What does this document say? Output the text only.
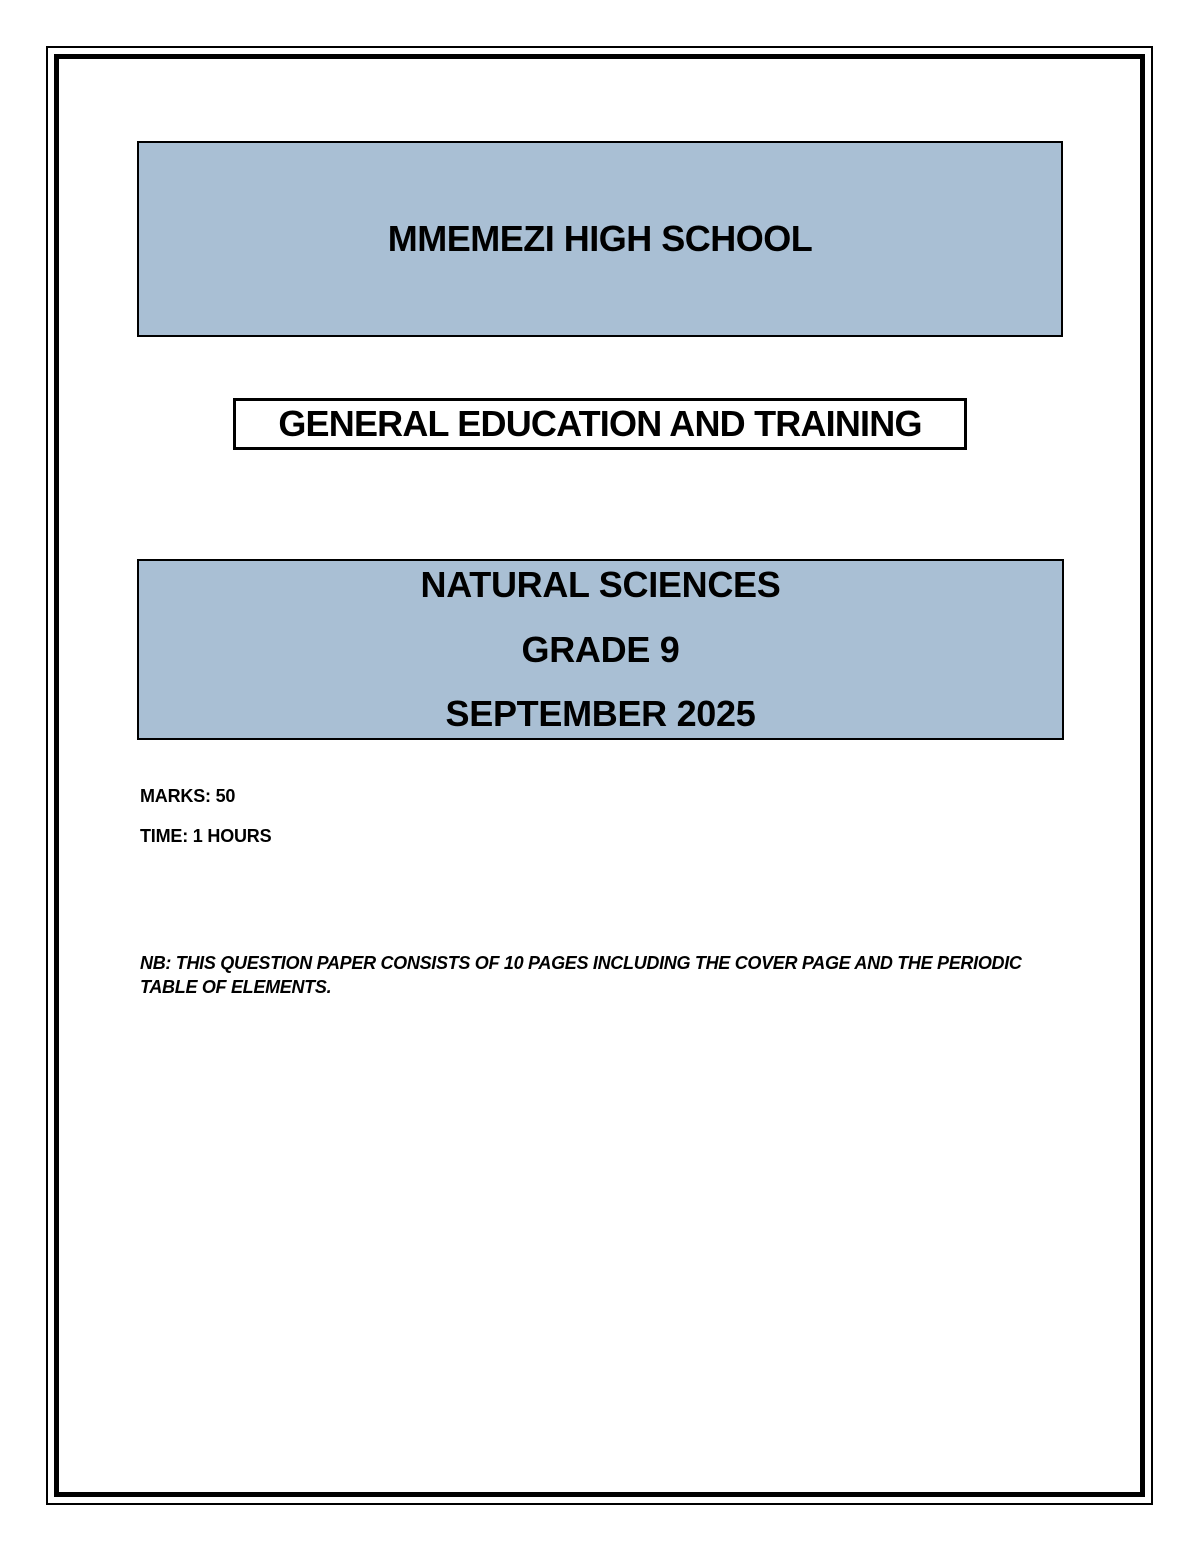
MMEMEZI HIGH SCHOOL
GENERAL EDUCATION AND TRAINING
NATURAL SCIENCES
GRADE 9
SEPTEMBER 2025
MARKS: 50
TIME: 1 HOURS
NB: THIS QUESTION PAPER CONSISTS OF 10 PAGES INCLUDING THE COVER PAGE AND THE PERIODIC TABLE OF ELEMENTS.
